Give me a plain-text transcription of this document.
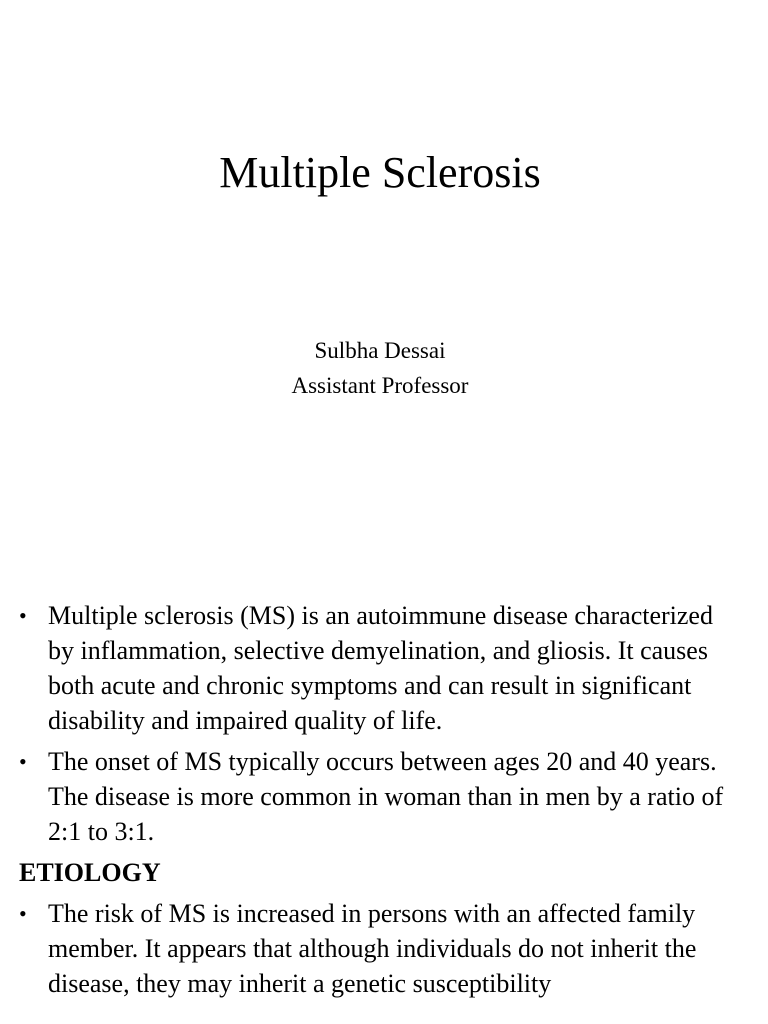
Multiple Sclerosis
Sulbha Dessai
Assistant Professor
• Multiple sclerosis (MS) is an autoimmune disease characterized by inflammation, selective demyelination, and gliosis. It causes both acute and chronic symptoms and can result in significant disability and impaired quality of life.
• The onset of MS typically occurs between ages 20 and 40 years. The disease is more common in woman than in men by a ratio of 2:1 to 3:1.
ETIOLOGY
• The risk of MS is increased in persons with an affected family member. It appears that although individuals do not inherit the disease, they may inherit a genetic susceptibility
